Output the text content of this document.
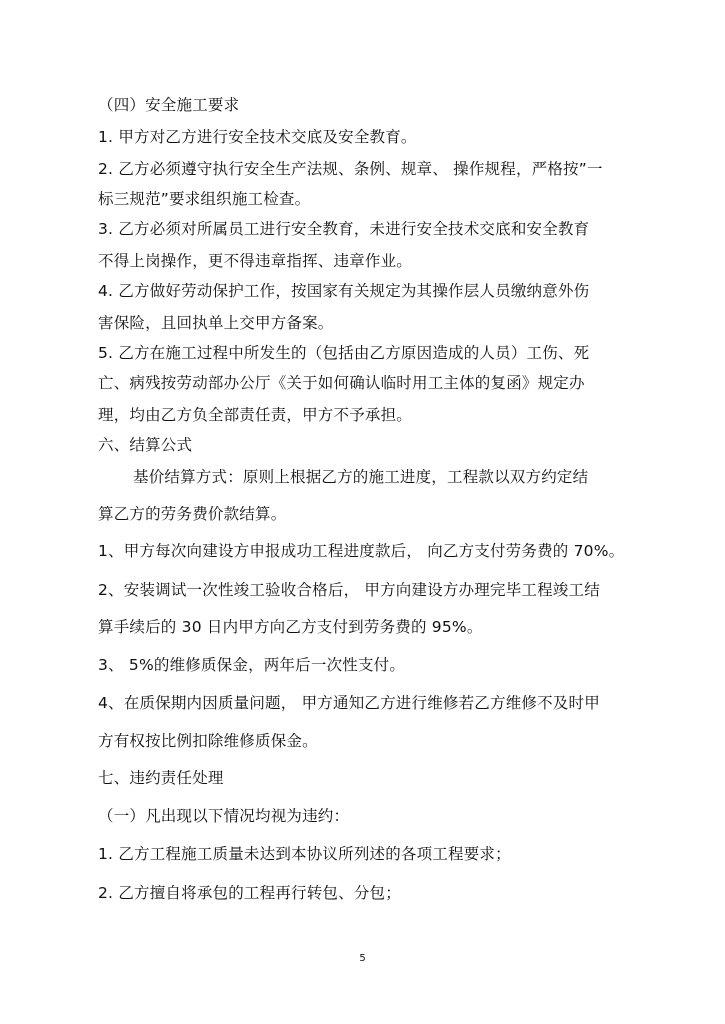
（四）安全施工要求
1. 甲方对乙方进行安全技术交底及安全教育。
2. 乙方必须遵守执行安全生产法规、条例、规章、 操作规程，严格按”一
标三规范”要求组织施工检查。
3. 乙方必须对所属员工进行安全教育，未进行安全技术交底和安全教育
不得上岗操作，更不得违章指挥、违章作业。
4. 乙方做好劳动保护工作，按国家有关规定为其操作层人员缴纳意外伤
害保险，且回执单上交甲方备案。
5. 乙方在施工过程中所发生的（包括由乙方原因造成的人员）工伤、死
亡、病残按劳动部办公厅《关于如何确认临时用工主体的复函》规定办
理，均由乙方负全部责任责，甲方不予承担。
六、结算公式
基价结算方式：原则上根据乙方的施工进度，工程款以双方约定结
算乙方的劳务费价款结算。
1、甲方每次向建设方申报成功工程进度款后， 向乙方支付劳务费的 70%。
2、安装调试一次性竣工验收合格后， 甲方向建设方办理完毕工程竣工结
算手续后的 30 日内甲方向乙方支付到劳务费的 95%。
3、 5%的维修质保金，两年后一次性支付。
4、在质保期内因质量问题， 甲方通知乙方进行维修若乙方维修不及时甲
方有权按比例扣除维修质保金。
七、违约责任处理
（一）凡出现以下情况均视为违约：
1. 乙方工程施工质量未达到本协议所列述的各项工程要求；
2. 乙方擅自将承包的工程再行转包、分包；
5
